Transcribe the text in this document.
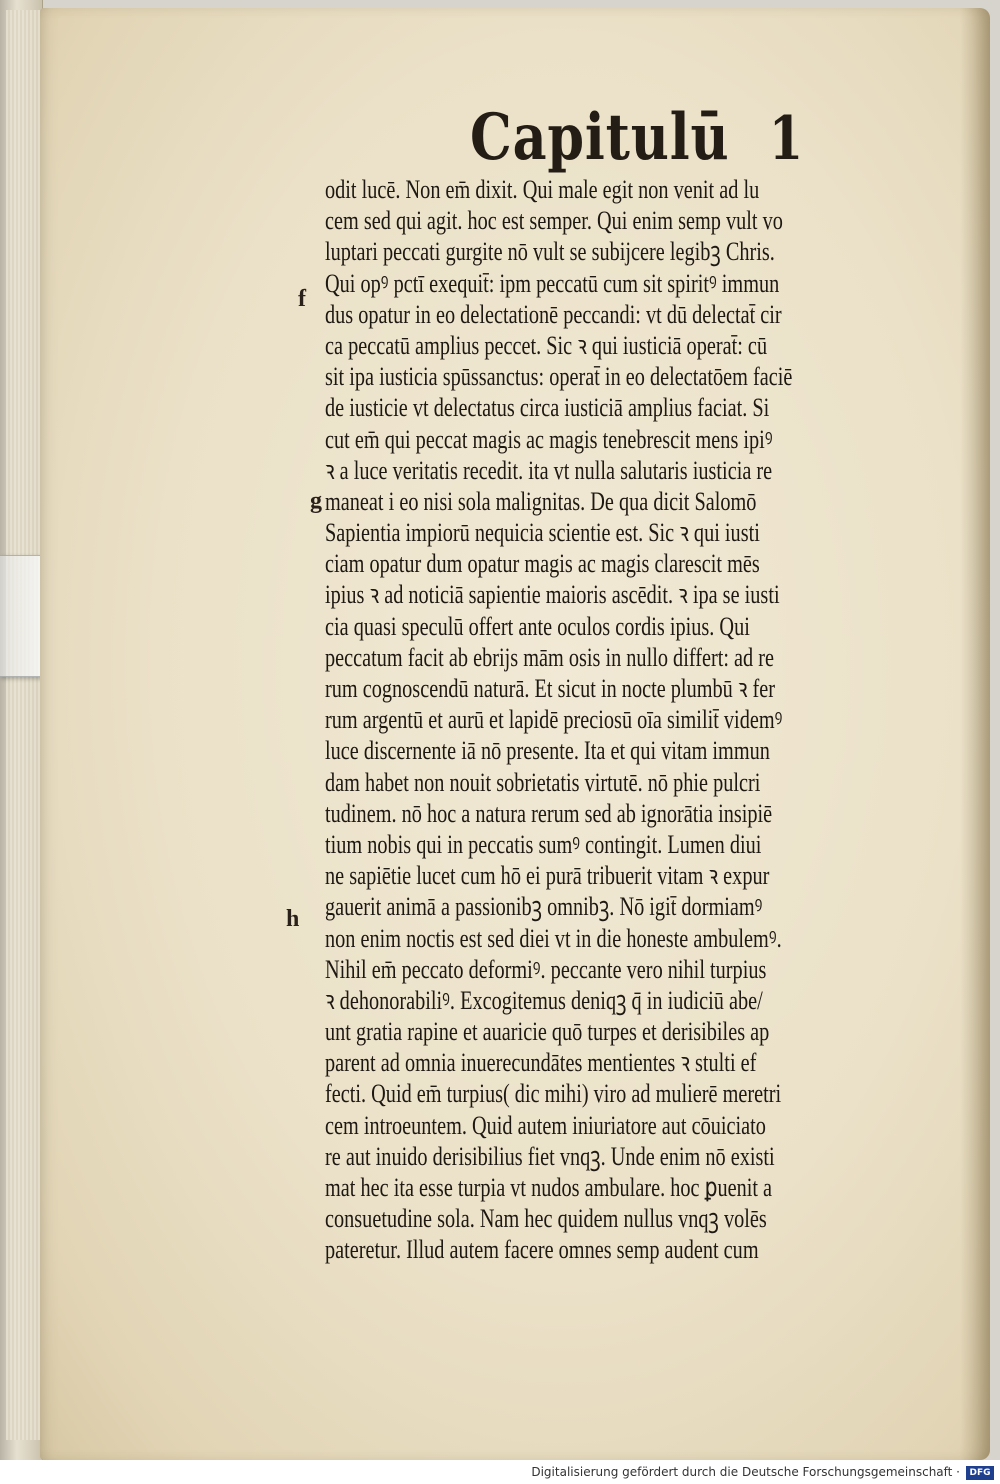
Capitulū 1
f
g
h
odit lucē. Non em̄ dixit. Qui male egit non venit ad lu
cem sed qui agit. hoc est semper. Qui enim semp vult vo
luptari peccati gurgite nō vult se subijcere legibꝫ Chris.
Qui opꝰ pctī exequit̄: ipm peccatū cum sit spiritꝰ immun
dus opatur in eo delectationē peccandi: vt dū delectat̄ cir
ca peccatū amplius peccet. Sic ꝛ qui iusticiā operat̄: cū
sit ipa iusticia spūssanctus: operat̄ in eo delectatōem faciē
de iusticie vt delectatus circa iusticiā amplius faciat. Si
cut em̄ qui peccat magis ac magis tenebrescit mens ipiꝰ
ꝛ a luce veritatis recedit. ita vt nulla salutaris iusticia re
maneat i eo nisi sola malignitas. De qua dicit Salomō
Sapientia impiorū nequicia scientie est. Sic ꝛ qui iusti
ciam opatur dum opatur magis ac magis clarescit mēs
ipius ꝛ ad noticiā sapientie maioris ascēdit. ꝛ ipa se iusti
cia quasi speculū offert ante oculos cordis ipius. Qui
peccatum facit ab ebrijs mām osis in nullo differt: ad re
rum cognoscendū naturā. Et sicut in nocte plumbū ꝛ fer
rum argentū et aurū et lapidē preciosū oīa similit̄ videmꝰ
luce discernente iā nō presente. Ita et qui vitam immun
dam habet non nouit sobrietatis virtutē. nō phie pulcri
tudinem. nō hoc a natura rerum sed ab ignorātia insipiē
tium nobis qui in peccatis sumꝰ contingit. Lumen diui
ne sapiētie lucet cum hō ei purā tribuerit vitam ꝛ expur
gauerit animā a passionibꝫ omnibꝫ. Nō igit̄ dormiamꝰ
non enim noctis est sed diei vt in die honeste ambulemꝰ.
Nihil em̄ peccato deformiꝰ. peccante vero nihil turpius
ꝛ dehonorabiliꝰ. Excogitemus deniqꝫ q̄ in iudiciū abe/
unt gratia rapine et auaricie quō turpes et derisibiles ap
parent ad omnia inuerecundātes mentientes ꝛ stulti ef
fecti. Quid em̄ turpius( dic mihi) viro ad mulierē meretri
cem introeuntem. Quid autem iniuriatore aut cōuiciato
re aut inuido derisibilius fiet vnqꝫ. Unde enim nō existi
mat hec ita esse turpia vt nudos ambulare. hoc ꝑuenit a
consuetudine sola. Nam hec quidem nullus vnqꝫ volēs
pateretur. Illud autem facere omnes semp audent cum
Digitalisierung gefördert durch die Deutsche Forschungsgemeinschaft ·	DFG
